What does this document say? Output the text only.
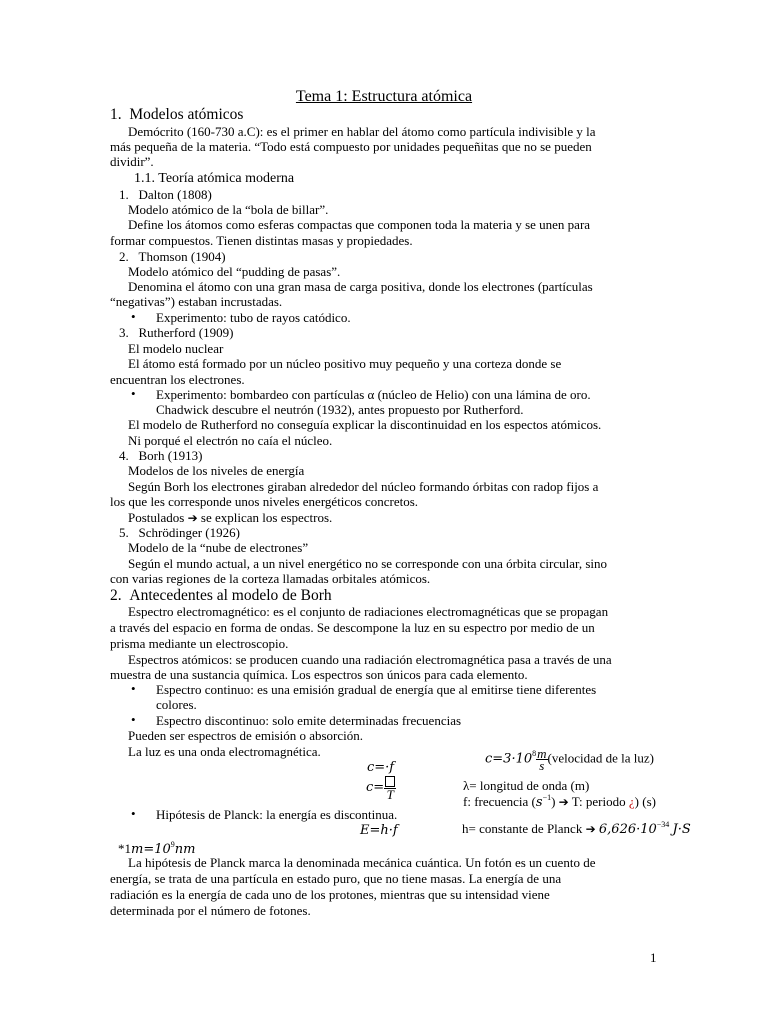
Tema 1: Estructura atómica
1.  Modelos atómicos
Demócrito (160-730 a.C): es el primer en hablar del átomo como partícula indivisible y la
más pequeña de la materia. “Todo está compuesto por unidades pequeñitas que no se pueden
dividir”.
1.1. Teoría atómica moderna
1.   Dalton (1808)
Modelo atómico de la “bola de billar”.
Define los átomos como esferas compactas que componen toda la materia y se unen para
formar compuestos. Tienen distintas masas y propiedades.
2.   Thomson (1904)
Modelo atómico del “pudding de pasas”.
Denomina el átomo con una gran masa de carga positiva, donde los electrones (partículas
“negativas”) estaban incrustadas.
• Experimento: tubo de rayos catódico.
3.   Rutherford (1909)
El modelo nuclear
El átomo está formado por un núcleo positivo muy pequeño y una corteza donde se
encuentran los electrones.
• Experimento: bombardeo con partículas α (núcleo de Helio) con una lámina de oro.
Chadwick descubre el neutrón (1932), antes propuesto por Rutherford.
El modelo de Rutherford no conseguía explicar la discontinuidad en los espectos atómicos.
Ni porqué el electrón no caía el núcleo.
4.   Borh (1913)
Modelos de los niveles de energía
Según Borh los electrones giraban alrededor del núcleo formando órbitas con radop fijos a
los que les corresponde unos niveles energéticos concretos.
Postulados ➔ se explican los espectros.
5.   Schrödinger (1926)
Modelo de la “nube de electrones”
Según el mundo actual, a un nivel energético no se corresponde con una órbita circular, sino
con varias regiones de la corteza llamadas orbitales atómicos.
2.  Antecedentes al modelo de Borh
Espectro electromagnético: es el conjunto de radiaciones electromagnéticas que se propagan
a través del espacio en forma de ondas. Se descompone la luz en su espectro por medio de un
prisma mediante un electroscopio.
Espectros atómicos: se producen cuando una radiación electromagnética pasa a través de una
muestra de una sustancia química. Los espectros son únicos para cada elemento.
• Espectro continuo: es una emisión gradual de energía que al emitirse tiene diferentes
colores.
• Espectro discontinuo: solo emite determinadas frecuencias
Pueden ser espectros de emisión o absorción.
La luz es una onda electromagnética.	$c=3\cdot 10^8 \frac{m}{s}$ (velocidad de la luz)
c=·f
c= T
λ= longitud de onda (m)
f: frecuencia $(s^{-1})$ ➔ T: periodo ¿) (s)
• Hipótesis de Planck: la energía es discontinua.
E=h·f	h= constante de Planck ➔ $6,626\cdot 10^{-34}$ J·S
$*1m=10^9nm$
La hipótesis de Planck marca la denominada mecánica cuántica. Un fotón es un cuento de
energía, se trata de una partícula en estado puro, que no tiene masas. La energía de una
radiación es la energía de cada uno de los protones, mientras que su intensidad viene
determinada por el número de fotones.
1
